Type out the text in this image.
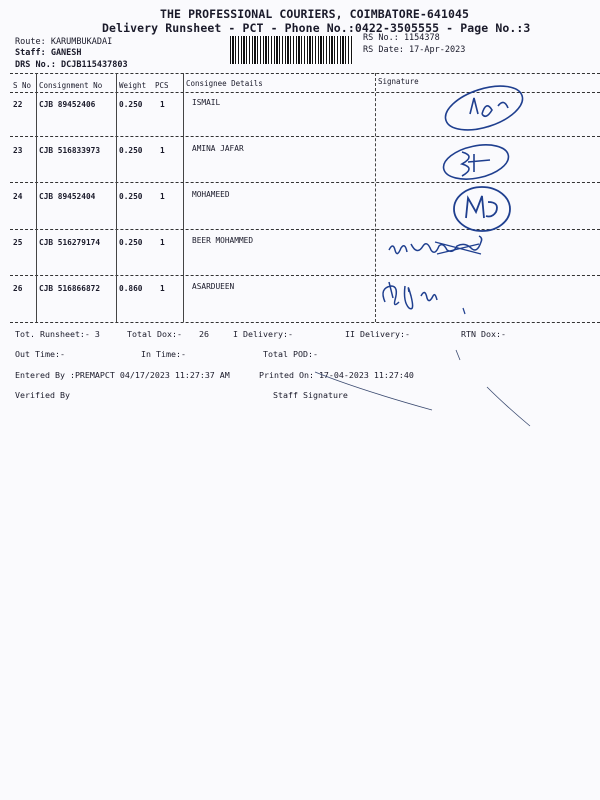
THE PROFESSIONAL COURIERS, COIMBATORE-641045
Delivery Runsheet - PCT - Phone No.:0422-3505555 - Page No.:3
Route: KARUMBUKADAI
Staff: GANESH
DRS No.: DCJB115437803
RS No.: 1154378
RS Date: 17-Apr-2023
S No Consignment No Weight PCS Consignee Details	Signature
22 CJB 89452406	0.250 1	ISMAIL
23 CJB 516833973 0.250 1	AMINA JAFAR
24 CJB 89452404	0.250 1	MOHAMEED
25 CJB 516279174 0.250 1	BEER MOHAMMED
26 CJB 516866872 0.860 1	ASARDUEEN
Tot. Runsheet:- 3	Total Dox:- 26	I Delivery:-	II Delivery:-	RTN Dox:-
Out Time:-	In Time:-	Total POD:-
Entered By :PREMAPCT 04/17/2023 11:27:37 AM	Printed On: 17-04-2023 11:27:40
Verified By	Staff Signature
